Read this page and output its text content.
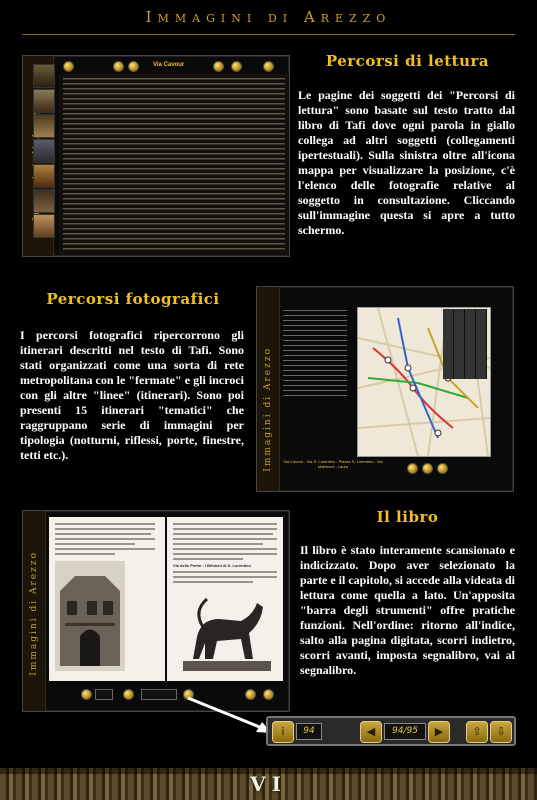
Immagini di Arezzo
Via Cavour	Percorsi di lettura
Le pagine dei soggetti dei "Percorsi di lettura" sono basate sul testo tratto dal libro di Tafi dove ogni parola in giallo collega ad altri soggetti (collegamenti ipertestuali). Sulla sinistra oltre all'icona mappa per visualizzare la posizione, c'è l'elenco delle fotografie relative al soggetto in consultazione. Cliccando sull'immagine questa si apre a tutto schermo.
Percorsi fotografici
I percorsi fotografici ripercorrono gli itinerari descritti nel testo di Tafi. Sono stati organizzati come una sorta di rete metropolitana con le "fermate" e gli incroci con gli altre "linee" (itinerari). Sono poi presenti 15 itinerari "tematici" che raggruppano serie di immagini per tipologia (notturni, riflessi, porte, finestre, tetti etc.).	Immagini di Arezzo	Via Cavour - Via S. Lorentino - Piazza S. Lorentino - Via Malfaroni - Laura
Immagini di Arezzo	Via delle Pietre - I Bifolchi di S. Lorentino
Il libro
Il libro è stato interamente scansionato e indicizzato. Dopo aver selezionato la parte e il capitolo, si accede alla videata di lettura come quella a lato. Un'apposita "barra degli strumenti" offre pratiche funzioni. Nell'ordine: ritorno all'indice, salto alla pagina digitata, scorri indietro, scorri avanti, imposta segnalibro, vai al segnalibro.
i	94	◀	94/95	▶	⇧	⇩
VI
